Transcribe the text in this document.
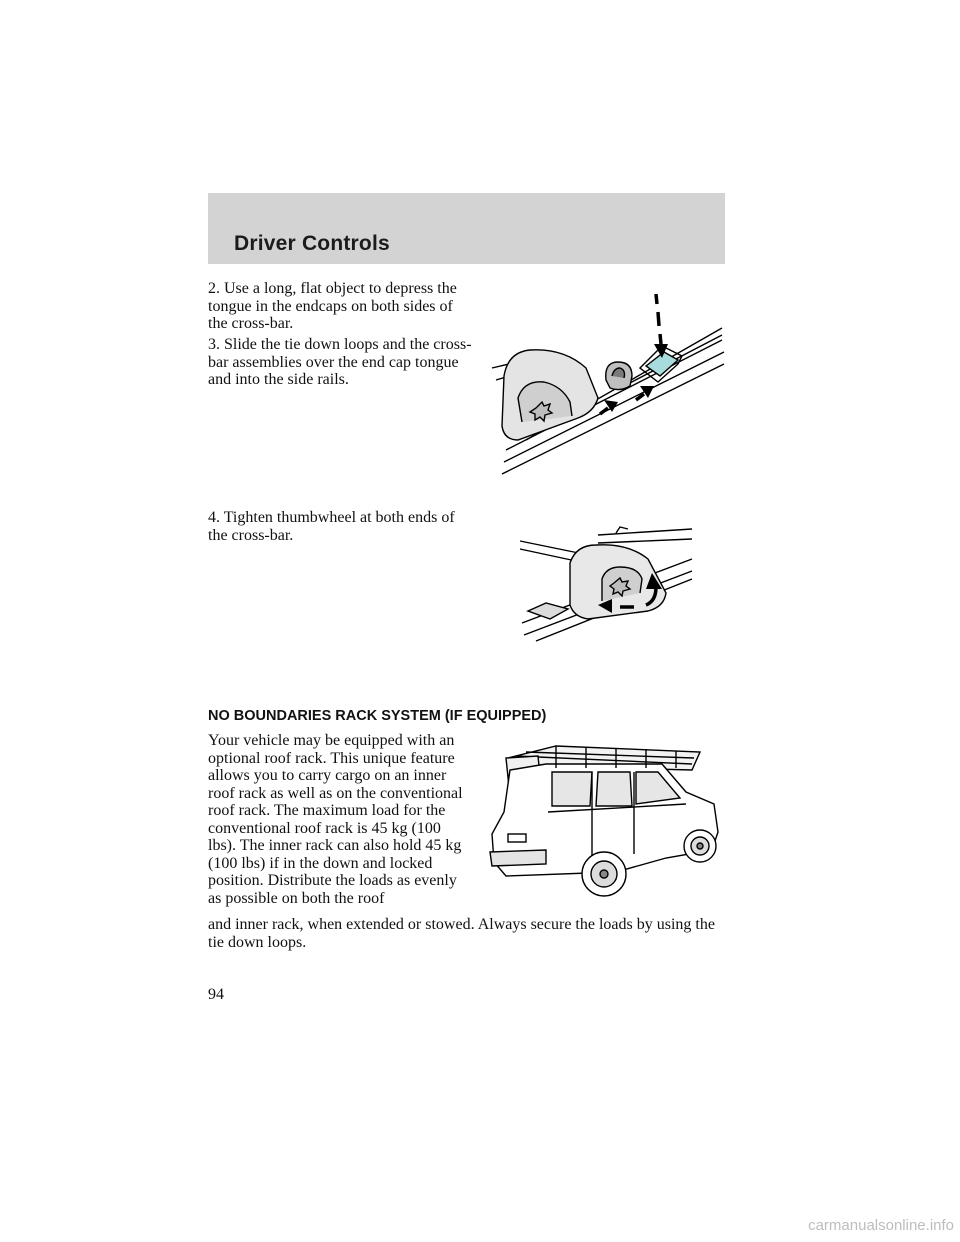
Driver Controls
2. Use a long, flat object to depress the tongue in the endcaps on both sides of the cross-bar.
3. Slide the tie down loops and the cross-bar assemblies over the end cap tongue and into the side rails.
4. Tighten thumbwheel at both ends of the cross-bar.
NO BOUNDARIES RACK SYSTEM (IF EQUIPPED)
Your vehicle may be equipped with an optional roof rack. This unique feature allows you to carry cargo on an inner roof rack as well as on the conventional roof rack. The maximum load for the conventional roof rack is 45 kg (100 lbs). The inner rack can also hold 45 kg (100 lbs) if in the down and locked position. Distribute the loads as evenly as possible on both the roof
and inner rack, when extended or stowed. Always secure the loads by using the tie down loops.
94
carmanualsonline.info
